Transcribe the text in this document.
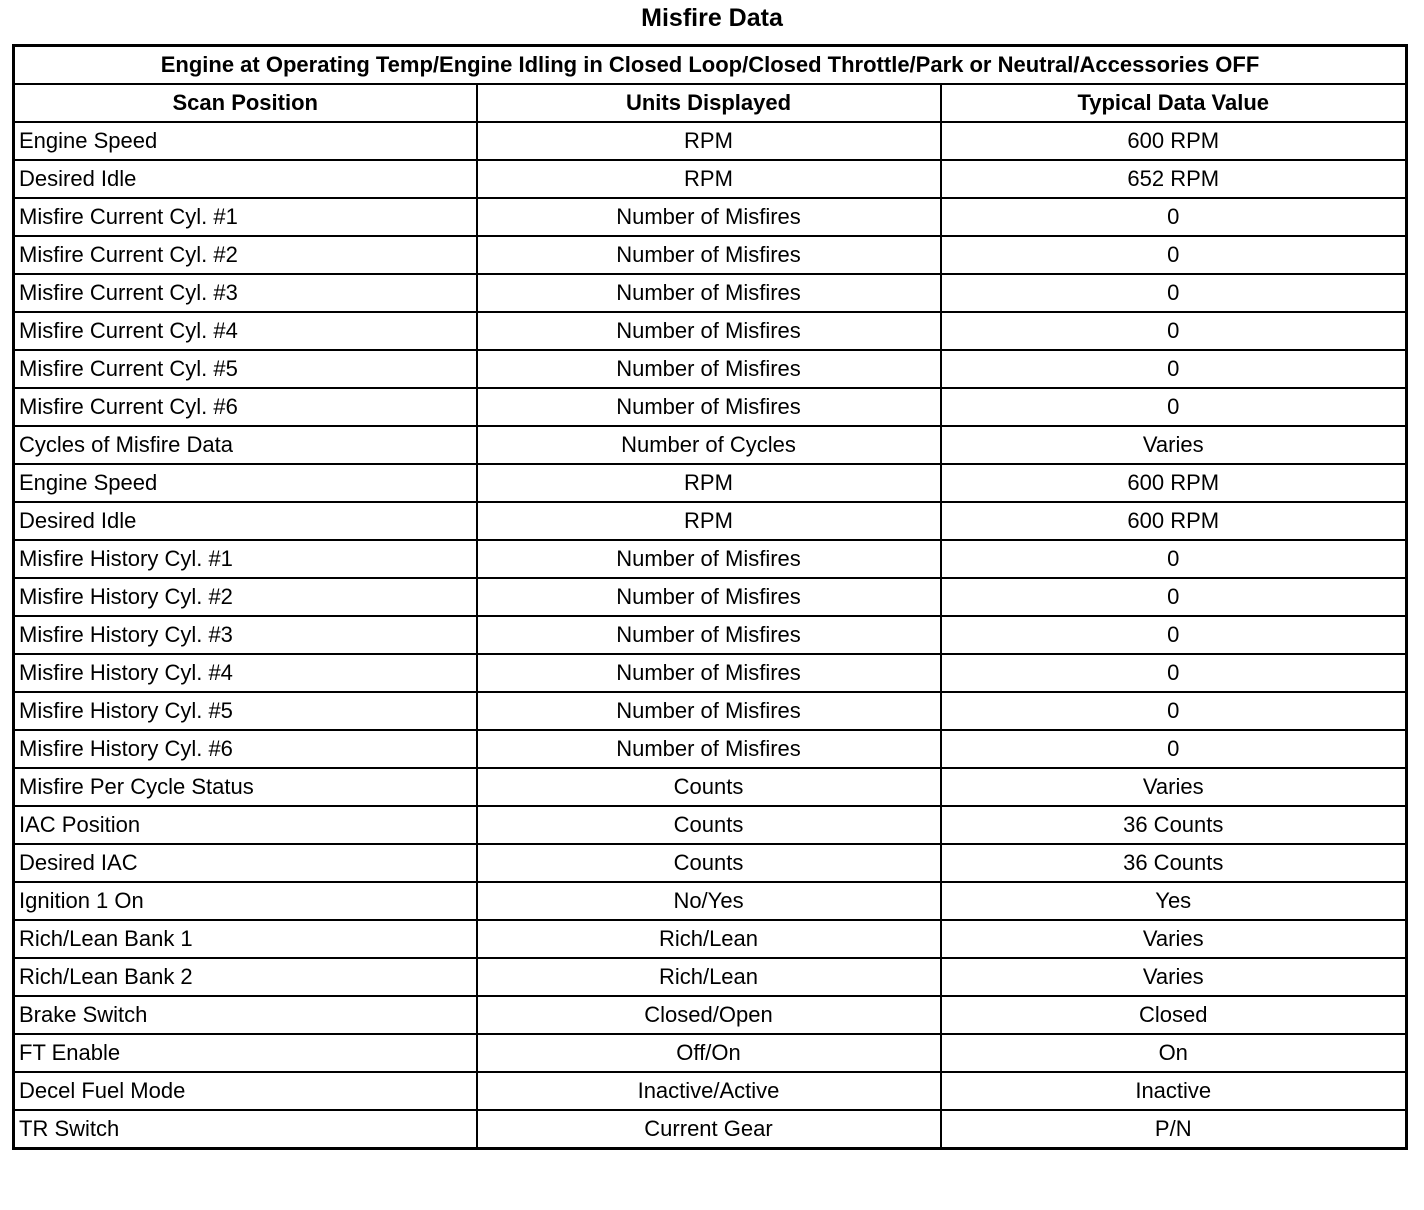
Misfire Data
Engine at Operating Temp/Engine Idling in Closed Loop/Closed Throttle/Park or Neutral/Accessories OFF		
Scan Position	Units Displayed	Typical Data Value
Engine Speed	RPM	600 RPM
Desired Idle	RPM	652 RPM
Misfire Current Cyl. #1	Number of Misfires	0
Misfire Current Cyl. #2	Number of Misfires	0
Misfire Current Cyl. #3	Number of Misfires	0
Misfire Current Cyl. #4	Number of Misfires	0
Misfire Current Cyl. #5	Number of Misfires	0
Misfire Current Cyl. #6	Number of Misfires	0
Cycles of Misfire Data	Number of Cycles	Varies
Engine Speed	RPM	600 RPM
Desired Idle	RPM	600 RPM
Misfire History Cyl. #1	Number of Misfires	0
Misfire History Cyl. #2	Number of Misfires	0
Misfire History Cyl. #3	Number of Misfires	0
Misfire History Cyl. #4	Number of Misfires	0
Misfire History Cyl. #5	Number of Misfires	0
Misfire History Cyl. #6	Number of Misfires	0
Misfire Per Cycle Status	Counts	Varies
IAC Position	Counts	36 Counts
Desired IAC	Counts	36 Counts
Ignition 1 On	No/Yes	Yes
Rich/Lean Bank 1	Rich/Lean	Varies
Rich/Lean Bank 2	Rich/Lean	Varies
Brake Switch	Closed/Open	Closed
FT Enable	Off/On	On
Decel Fuel Mode	Inactive/Active	Inactive
TR Switch	Current Gear	P/N
